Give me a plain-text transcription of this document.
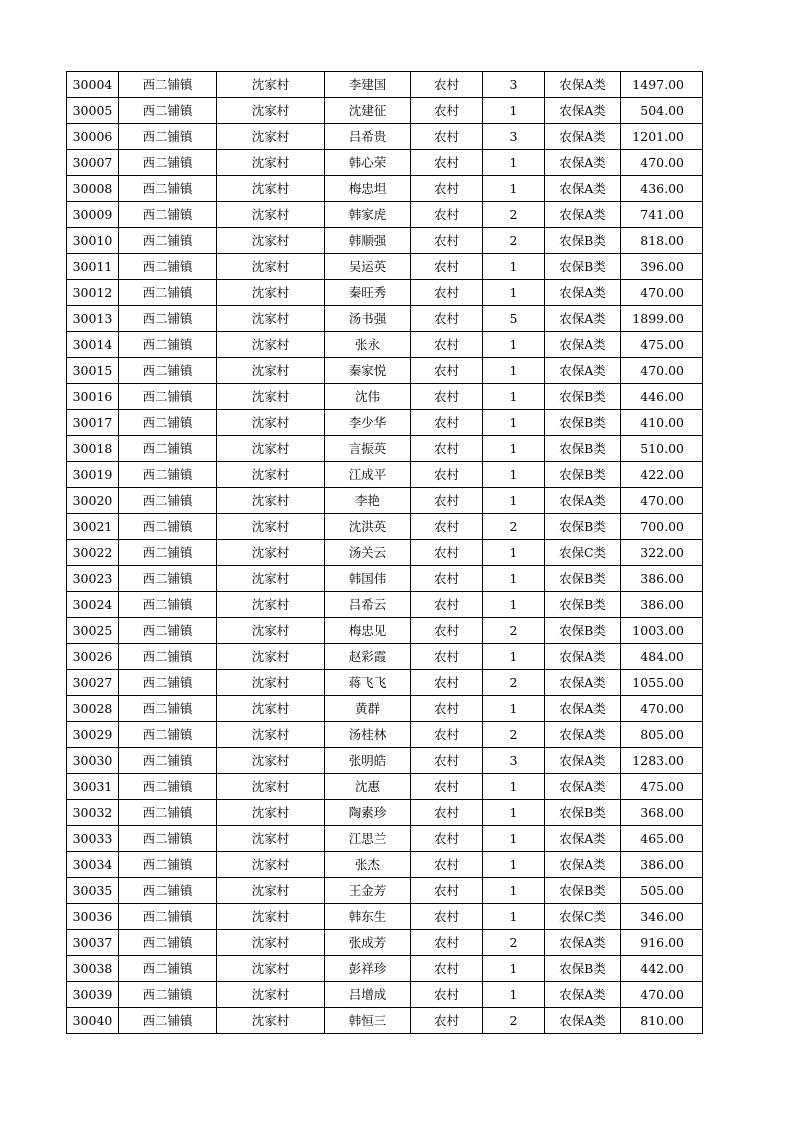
30004	西二铺镇	沈家村	李建国	农村	3	农保A类	1497.00
30005	西二铺镇	沈家村	沈建征	农村	1	农保A类	504.00
30006	西二铺镇	沈家村	吕希贵	农村	3	农保A类	1201.00
30007	西二铺镇	沈家村	韩心荣	农村	1	农保A类	470.00
30008	西二铺镇	沈家村	梅忠坦	农村	1	农保A类	436.00
30009	西二铺镇	沈家村	韩家虎	农村	2	农保A类	741.00
30010	西二铺镇	沈家村	韩顺强	农村	2	农保B类	818.00
30011	西二铺镇	沈家村	吴运英	农村	1	农保B类	396.00
30012	西二铺镇	沈家村	秦旺秀	农村	1	农保A类	470.00
30013	西二铺镇	沈家村	汤书强	农村	5	农保A类	1899.00
30014	西二铺镇	沈家村	张永	农村	1	农保A类	475.00
30015	西二铺镇	沈家村	秦家悦	农村	1	农保A类	470.00
30016	西二铺镇	沈家村	沈伟	农村	1	农保B类	446.00
30017	西二铺镇	沈家村	李少华	农村	1	农保B类	410.00
30018	西二铺镇	沈家村	言振英	农村	1	农保B类	510.00
30019	西二铺镇	沈家村	江成平	农村	1	农保B类	422.00
30020	西二铺镇	沈家村	李艳	农村	1	农保A类	470.00
30021	西二铺镇	沈家村	沈洪英	农村	2	农保B类	700.00
30022	西二铺镇	沈家村	汤关云	农村	1	农保C类	322.00
30023	西二铺镇	沈家村	韩国伟	农村	1	农保B类	386.00
30024	西二铺镇	沈家村	吕希云	农村	1	农保B类	386.00
30025	西二铺镇	沈家村	梅忠见	农村	2	农保B类	1003.00
30026	西二铺镇	沈家村	赵彩霞	农村	1	农保A类	484.00
30027	西二铺镇	沈家村	蒋飞飞	农村	2	农保A类	1055.00
30028	西二铺镇	沈家村	黄群	农村	1	农保A类	470.00
30029	西二铺镇	沈家村	汤桂林	农村	2	农保A类	805.00
30030	西二铺镇	沈家村	张明皓	农村	3	农保A类	1283.00
30031	西二铺镇	沈家村	沈惠	农村	1	农保A类	475.00
30032	西二铺镇	沈家村	陶素珍	农村	1	农保B类	368.00
30033	西二铺镇	沈家村	江思兰	农村	1	农保A类	465.00
30034	西二铺镇	沈家村	张杰	农村	1	农保A类	386.00
30035	西二铺镇	沈家村	王金芳	农村	1	农保B类	505.00
30036	西二铺镇	沈家村	韩东生	农村	1	农保C类	346.00
30037	西二铺镇	沈家村	张成芳	农村	2	农保A类	916.00
30038	西二铺镇	沈家村	彭祥珍	农村	1	农保B类	442.00
30039	西二铺镇	沈家村	吕增成	农村	1	农保A类	470.00
30040	西二铺镇	沈家村	韩恒三	农村	2	农保A类	810.00
